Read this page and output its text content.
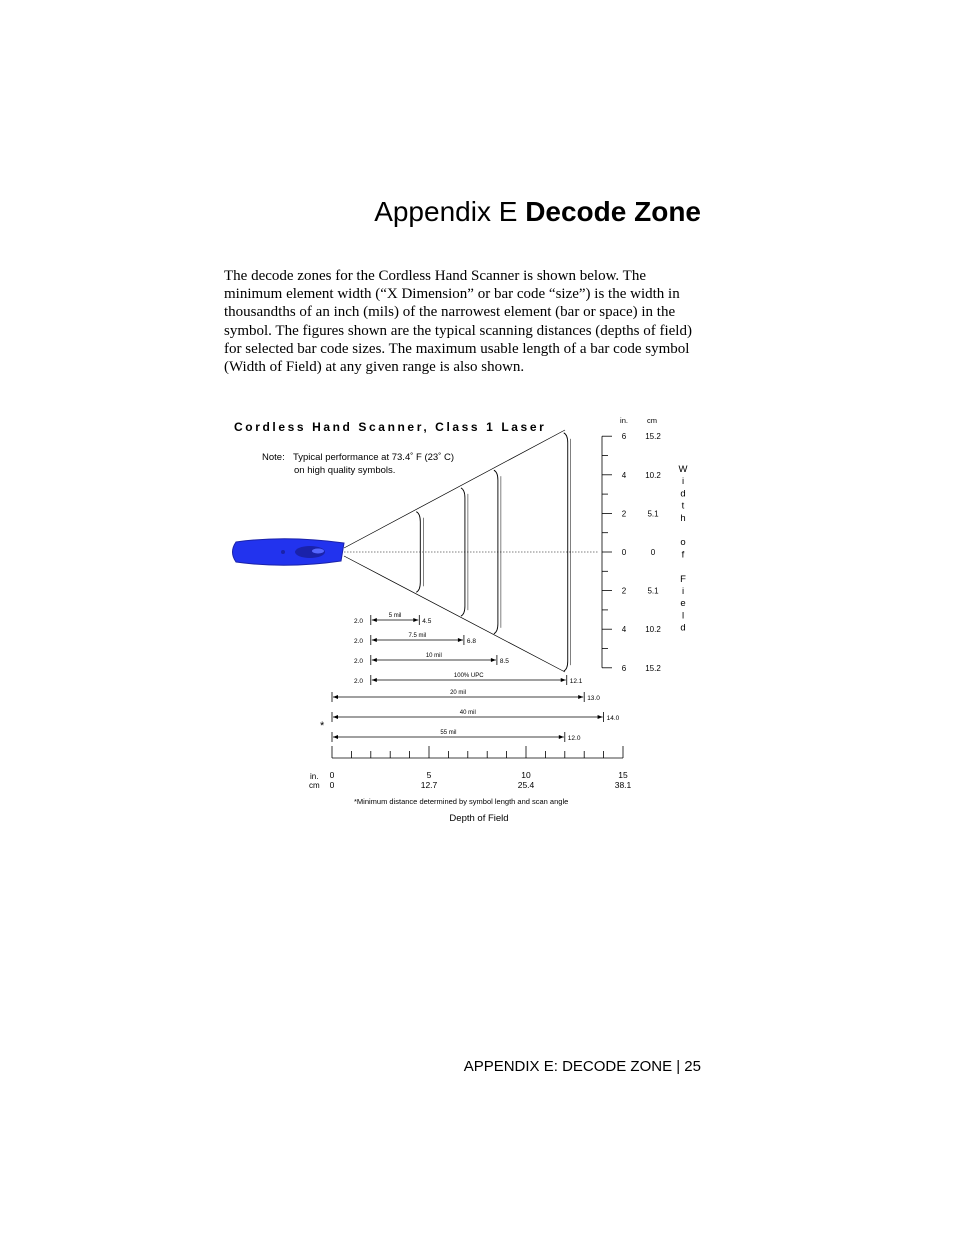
Appendix E Decode Zone
The decode zones for the Cordless Hand Scanner is shown below. The minimum element width (“X Dimension” or bar code “size”) is the width in thousandths of an inch (mils) of the narrowest element (bar or space) in the symbol. The figures shown are the typical scanning distances (depths of field) for selected bar code sizes. The maximum usable length of a bar code symbol (Width of Field) at any given range is also shown.
Cordless Hand Scanner, Class 1 Laser
Note: Typical performance at 73.4˚ F (23˚ C)
on high quality symbols.
in.	cm
6 15.2
4 10.2
2	5.1
0	0
2	5.1
4 10.2
6 15.2
W
i
d
t
h
o
f
F
i
e
l
d
2.0
5 mil
4.5
2.0
7.5 mil
6.8
2.0
10 mil
8.5
2.0
100% UPC
12.1
20 mil
13.0
40 mil
14.0
55 mil
12.0
in.
cm
0
0
5
12.7
10
25.4
15
38.1
*
*Minimum distance determined by symbol length and scan angle
Depth of Field
APPENDIX E: DECODE ZONE | 25
